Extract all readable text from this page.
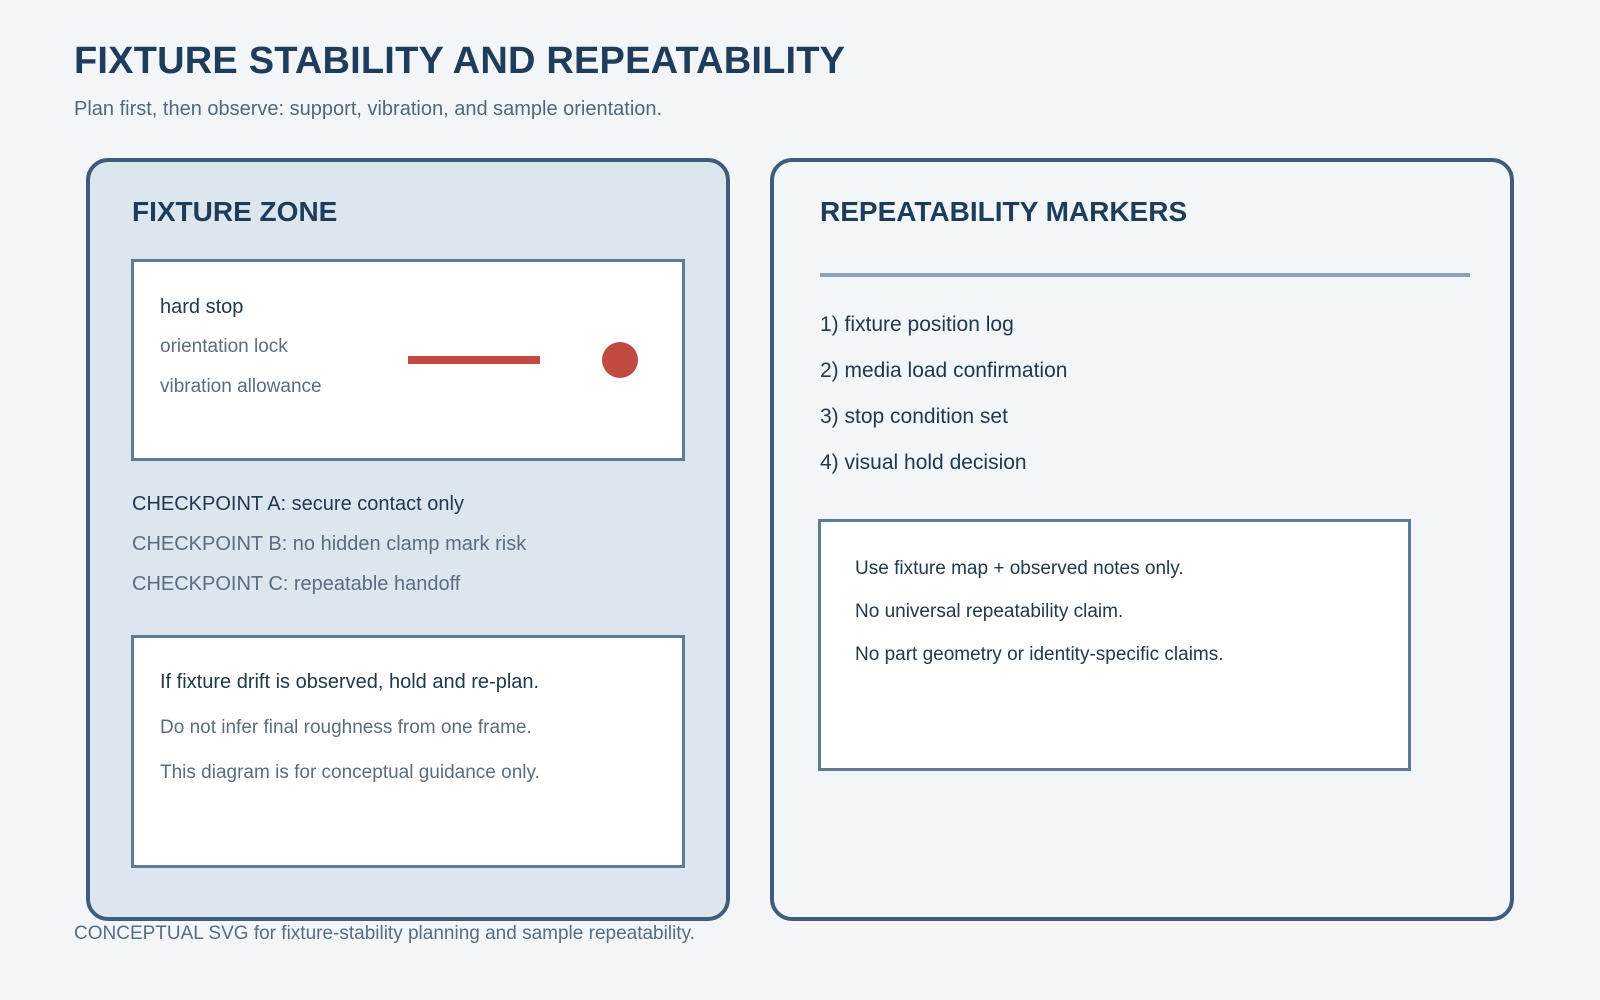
FIXTURE STABILITY AND REPEATABILITY
Plan first, then observe: support, vibration, and sample orientation.
FIXTURE ZONE
hard stop
orientation lock
vibration allowance
CHECKPOINT A: secure contact only
CHECKPOINT B: no hidden clamp mark risk
CHECKPOINT C: repeatable handoff
If fixture drift is observed, hold and re-plan.
Do not infer final roughness from one frame.
This diagram is for conceptual guidance only.
REPEATABILITY MARKERS
1) fixture position log
2) media load confirmation
3) stop condition set
4) visual hold decision
Use fixture map + observed notes only.
No universal repeatability claim.
No part geometry or identity-specific claims.
CONCEPTUAL SVG for fixture-stability planning and sample repeatability.
